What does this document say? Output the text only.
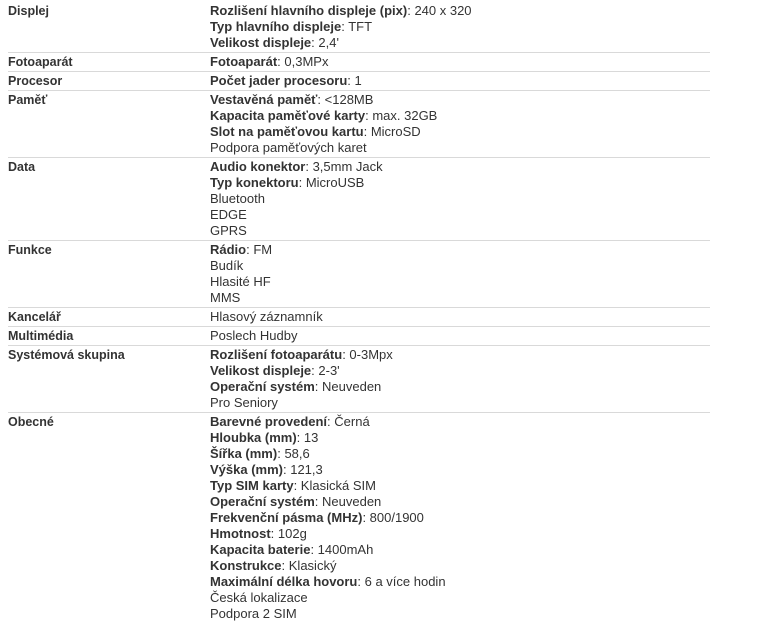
Displej	Rozlišení hlavního displeje (pix): 240 x 320
Typ hlavního displeje: TFT
Velikost displeje: 2,4'
Fotoaparát	Fotoaparát: 0,3MPx
Procesor	Počet jader procesoru: 1
Paměť	Vestavěná paměť: <128MB
Kapacita paměťové karty: max. 32GB
Slot na paměťovou kartu: MicroSD
Podpora paměťových karet
Data	Audio konektor: 3,5mm Jack
Typ konektoru: MicroUSB
Bluetooth
EDGE
GPRS
Funkce	Rádio: FM
Budík
Hlasité HF
MMS
Kancelář	Hlasový záznamník
Multimédia	Poslech Hudby
Systémová skupina	Rozlišení fotoaparátu: 0-3Mpx
Velikost displeje: 2-3'
Operační systém: Neuveden
Pro Seniory
Obecné	Barevné provedení: Černá
Hloubka (mm): 13
Šířka (mm): 58,6
Výška (mm): 121,3
Typ SIM karty: Klasická SIM
Operační systém: Neuveden
Frekvenční pásma (MHz): 800/1900
Hmotnost: 102g
Kapacita baterie: 1400mAh
Konstrukce: Klasický
Maximální délka hovoru: 6 a více hodin
Česká lokalizace
Podpora 2 SIM
